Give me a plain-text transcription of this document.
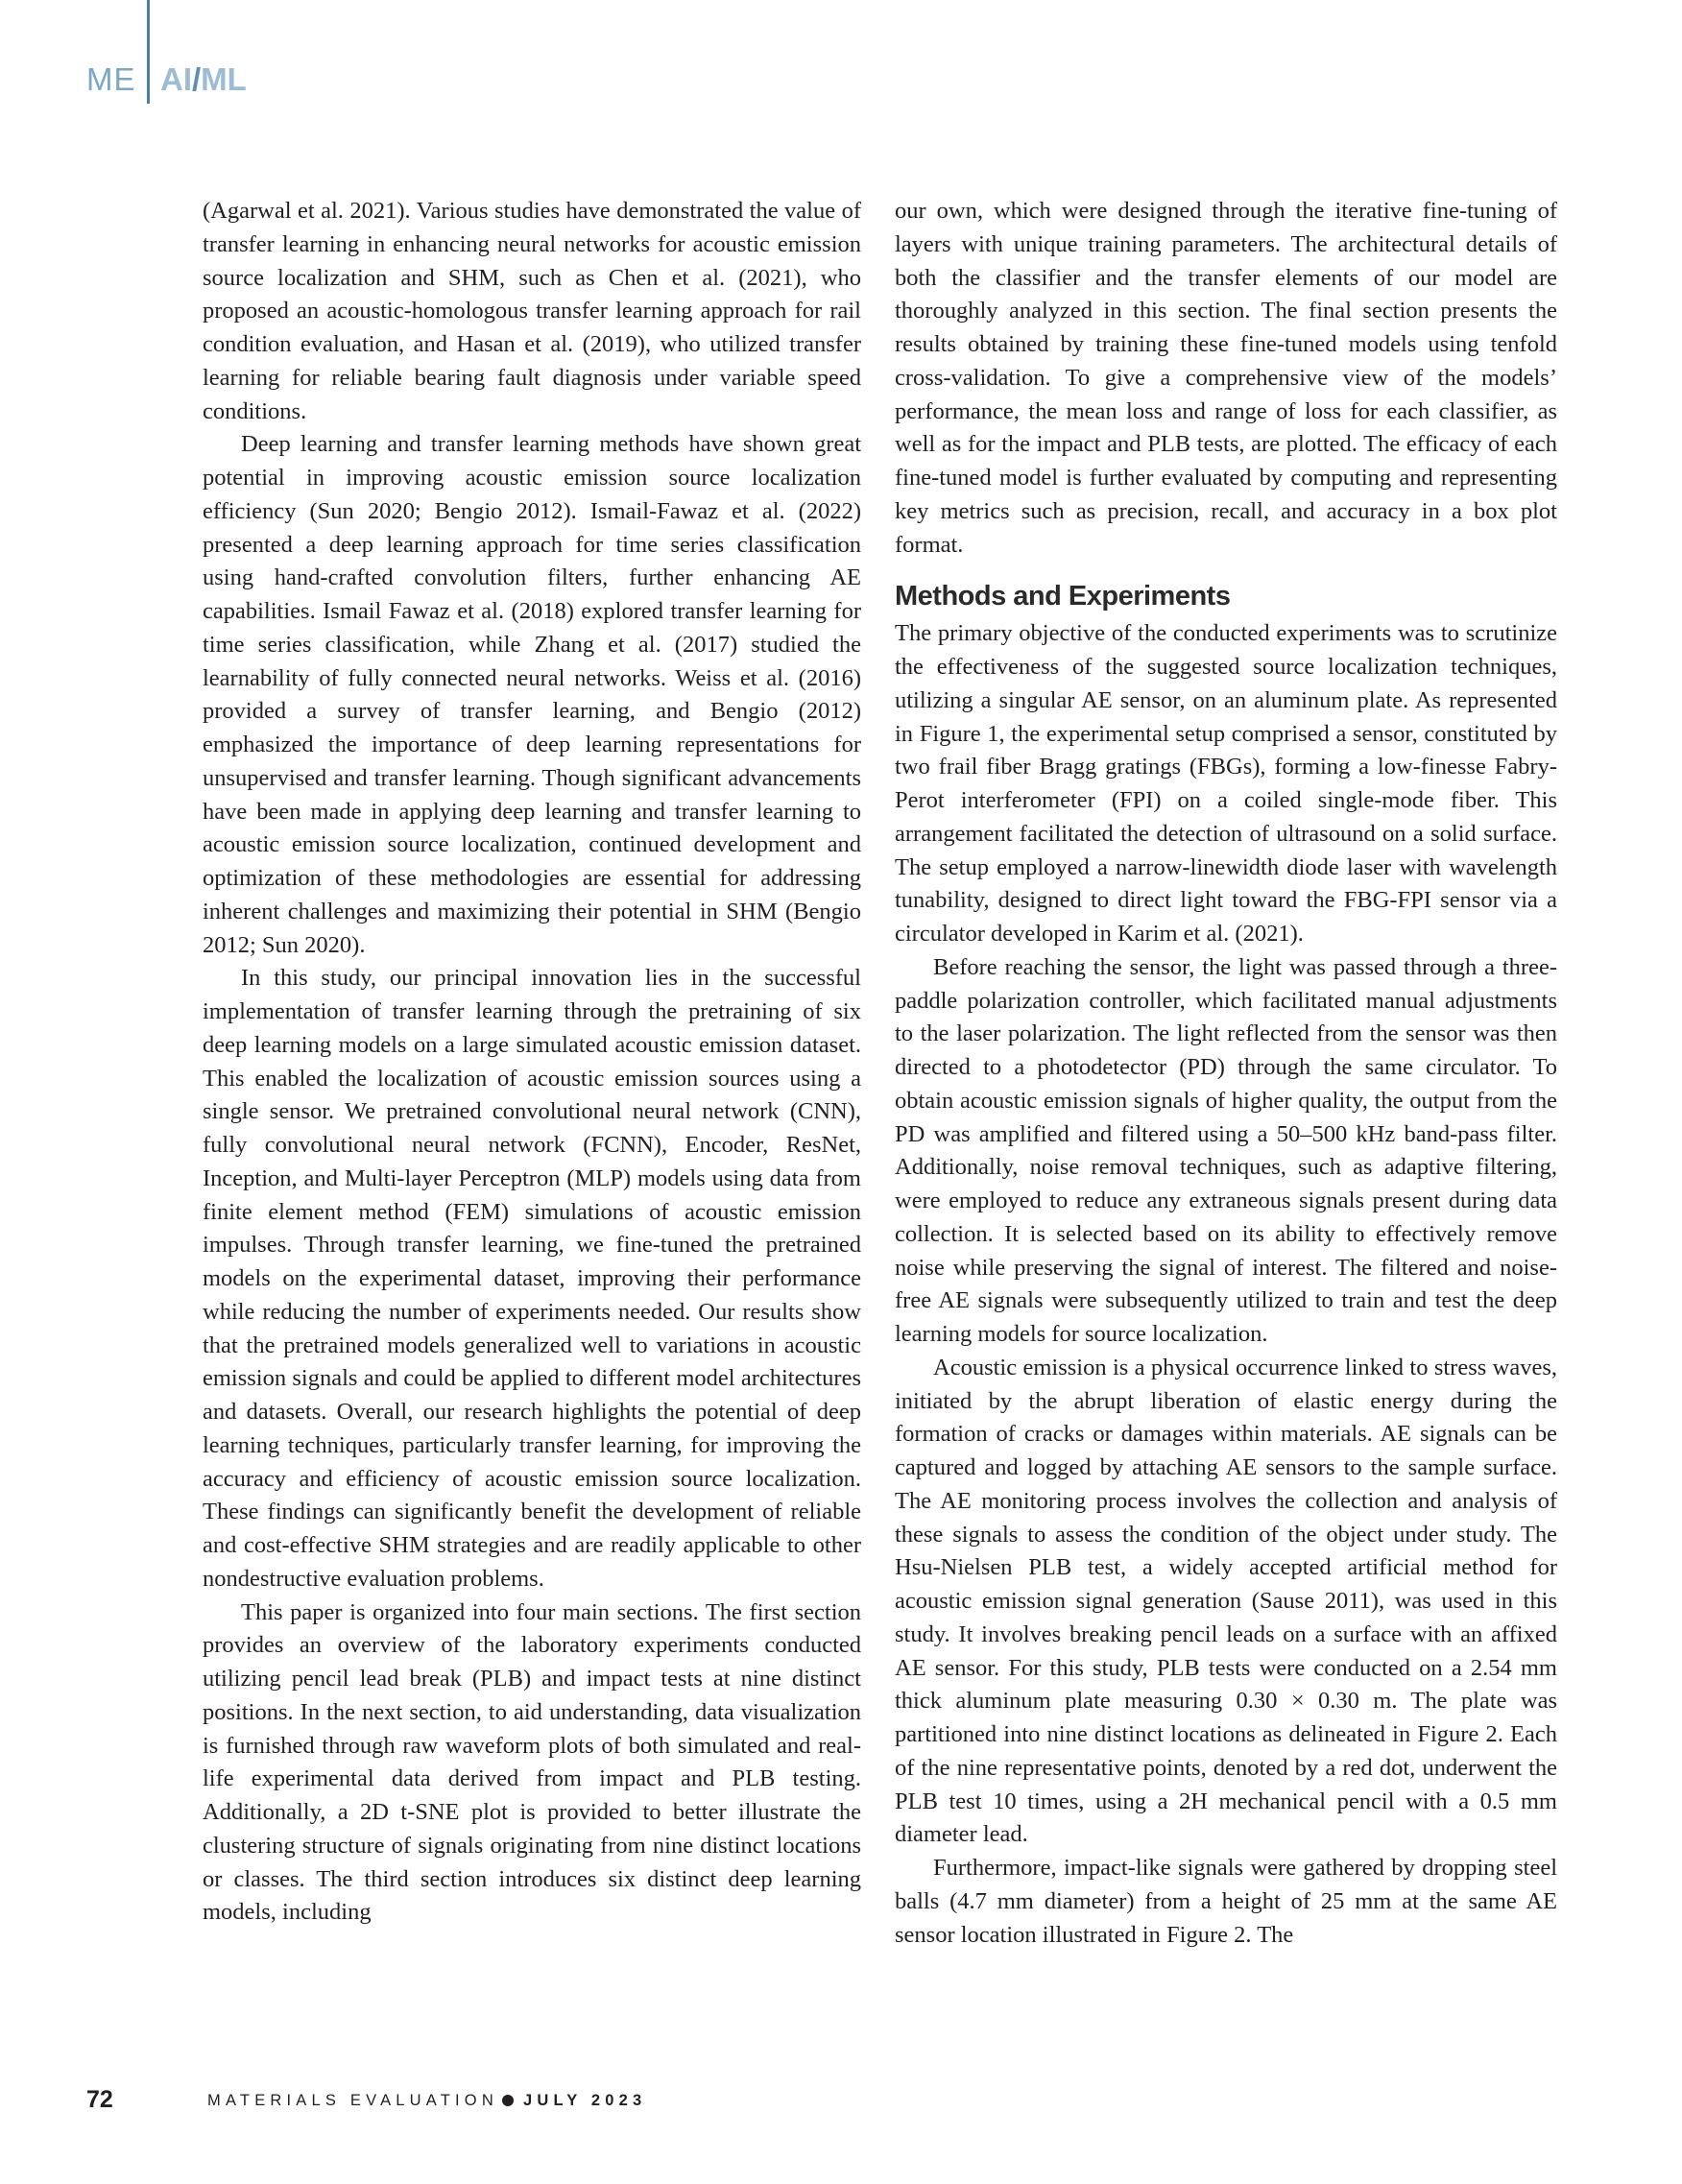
ME AI/ML

(Agarwal et al. 2021). Various studies have demonstrated the value of transfer learning in enhancing neural networks for acoustic emission source localization and SHM, such as Chen et al. (2021), who proposed an acoustic-homologous transfer learning approach for rail condition evaluation, and Hasan et al. (2019), who utilized transfer learning for reliable bearing fault diagnosis under variable speed conditions.

Deep learning and transfer learning methods have shown great potential in improving acoustic emission source localization efficiency (Sun 2020; Bengio 2012). Ismail-Fawaz et al. (2022) presented a deep learning approach for time series classification using hand-crafted convolution filters, further enhancing AE capabilities. Ismail Fawaz et al. (2018) explored transfer learning for time series classification, while Zhang et al. (2017) studied the learnability of fully connected neural networks. Weiss et al. (2016) provided a survey of transfer learning, and Bengio (2012) emphasized the importance of deep learning representations for unsupervised and transfer learning. Though significant advancements have been made in applying deep learning and transfer learning to acoustic emission source localization, continued development and optimization of these methodologies are essential for addressing inherent challenges and maximizing their potential in SHM (Bengio 2012; Sun 2020).

In this study, our principal innovation lies in the successful implementation of transfer learning through the pretraining of six deep learning models on a large simulated acoustic emission dataset. This enabled the localization of acoustic emission sources using a single sensor. We pretrained convolutional neural network (CNN), fully convolutional neural network (FCNN), Encoder, ResNet, Inception, and Multi-layer Perceptron (MLP) models using data from finite element method (FEM) simulations of acoustic emission impulses. Through transfer learning, we fine-tuned the pretrained models on the experimental dataset, improving their performance while reducing the number of experiments needed. Our results show that the pretrained models generalized well to variations in acoustic emission signals and could be applied to different model architectures and datasets. Overall, our research highlights the potential of deep learning techniques, particularly transfer learning, for improving the accuracy and efficiency of acoustic emission source localization. These findings can significantly benefit the development of reliable and cost-effective SHM strategies and are readily applicable to other nondestructive evaluation problems.

This paper is organized into four main sections. The first section provides an overview of the laboratory experiments conducted utilizing pencil lead break (PLB) and impact tests at nine distinct positions. In the next section, to aid understanding, data visualization is furnished through raw waveform plots of both simulated and real-life experimental data derived from impact and PLB testing. Additionally, a 2D t-SNE plot is provided to better illustrate the clustering structure of signals originating from nine distinct locations or classes. The third section introduces six distinct deep learning models, including

our own, which were designed through the iterative fine-tuning of layers with unique training parameters. The architectural details of both the classifier and the transfer elements of our model are thoroughly analyzed in this section. The final section presents the results obtained by training these fine-tuned models using tenfold cross-validation. To give a comprehensive view of the models’ performance, the mean loss and range of loss for each classifier, as well as for the impact and PLB tests, are plotted. The efficacy of each fine-tuned model is further evaluated by computing and representing key metrics such as precision, recall, and accuracy in a box plot format.

Methods and Experiments

The primary objective of the conducted experiments was to scrutinize the effectiveness of the suggested source localization techniques, utilizing a singular AE sensor, on an aluminum plate. As represented in Figure 1, the experimental setup comprised a sensor, constituted by two frail fiber Bragg gratings (FBGs), forming a low-finesse Fabry-Perot interferometer (FPI) on a coiled single-mode fiber. This arrangement facilitated the detection of ultrasound on a solid surface. The setup employed a narrow-linewidth diode laser with wavelength tunability, designed to direct light toward the FBG-FPI sensor via a circulator developed in Karim et al. (2021).

Before reaching the sensor, the light was passed through a three-paddle polarization controller, which facilitated manual adjustments to the laser polarization. The light reflected from the sensor was then directed to a photodetector (PD) through the same circulator. To obtain acoustic emission signals of higher quality, the output from the PD was amplified and filtered using a 50–500 kHz band-pass filter. Additionally, noise removal techniques, such as adaptive filtering, were employed to reduce any extraneous signals present during data collection. It is selected based on its ability to effectively remove noise while preserving the signal of interest. The filtered and noise-free AE signals were subsequently utilized to train and test the deep learning models for source localization.

Acoustic emission is a physical occurrence linked to stress waves, initiated by the abrupt liberation of elastic energy during the formation of cracks or damages within materials. AE signals can be captured and logged by attaching AE sensors to the sample surface. The AE monitoring process involves the collection and analysis of these signals to assess the condition of the object under study. The Hsu-Nielsen PLB test, a widely accepted artificial method for acoustic emission signal generation (Sause 2011), was used in this study. It involves breaking pencil leads on a surface with an affixed AE sensor. For this study, PLB tests were conducted on a 2.54 mm thick aluminum plate measuring 0.30 × 0.30 m. The plate was partitioned into nine distinct locations as delineated in Figure 2. Each of the nine representative points, denoted by a red dot, underwent the PLB test 10 times, using a 2H mechanical pencil with a 0.5 mm diameter lead.

Furthermore, impact-like signals were gathered by dropping steel balls (4.7 mm diameter) from a height of 25 mm at the same AE sensor location illustrated in Figure 2. The

72	MATERIALS EVALUATION JULY 2023
